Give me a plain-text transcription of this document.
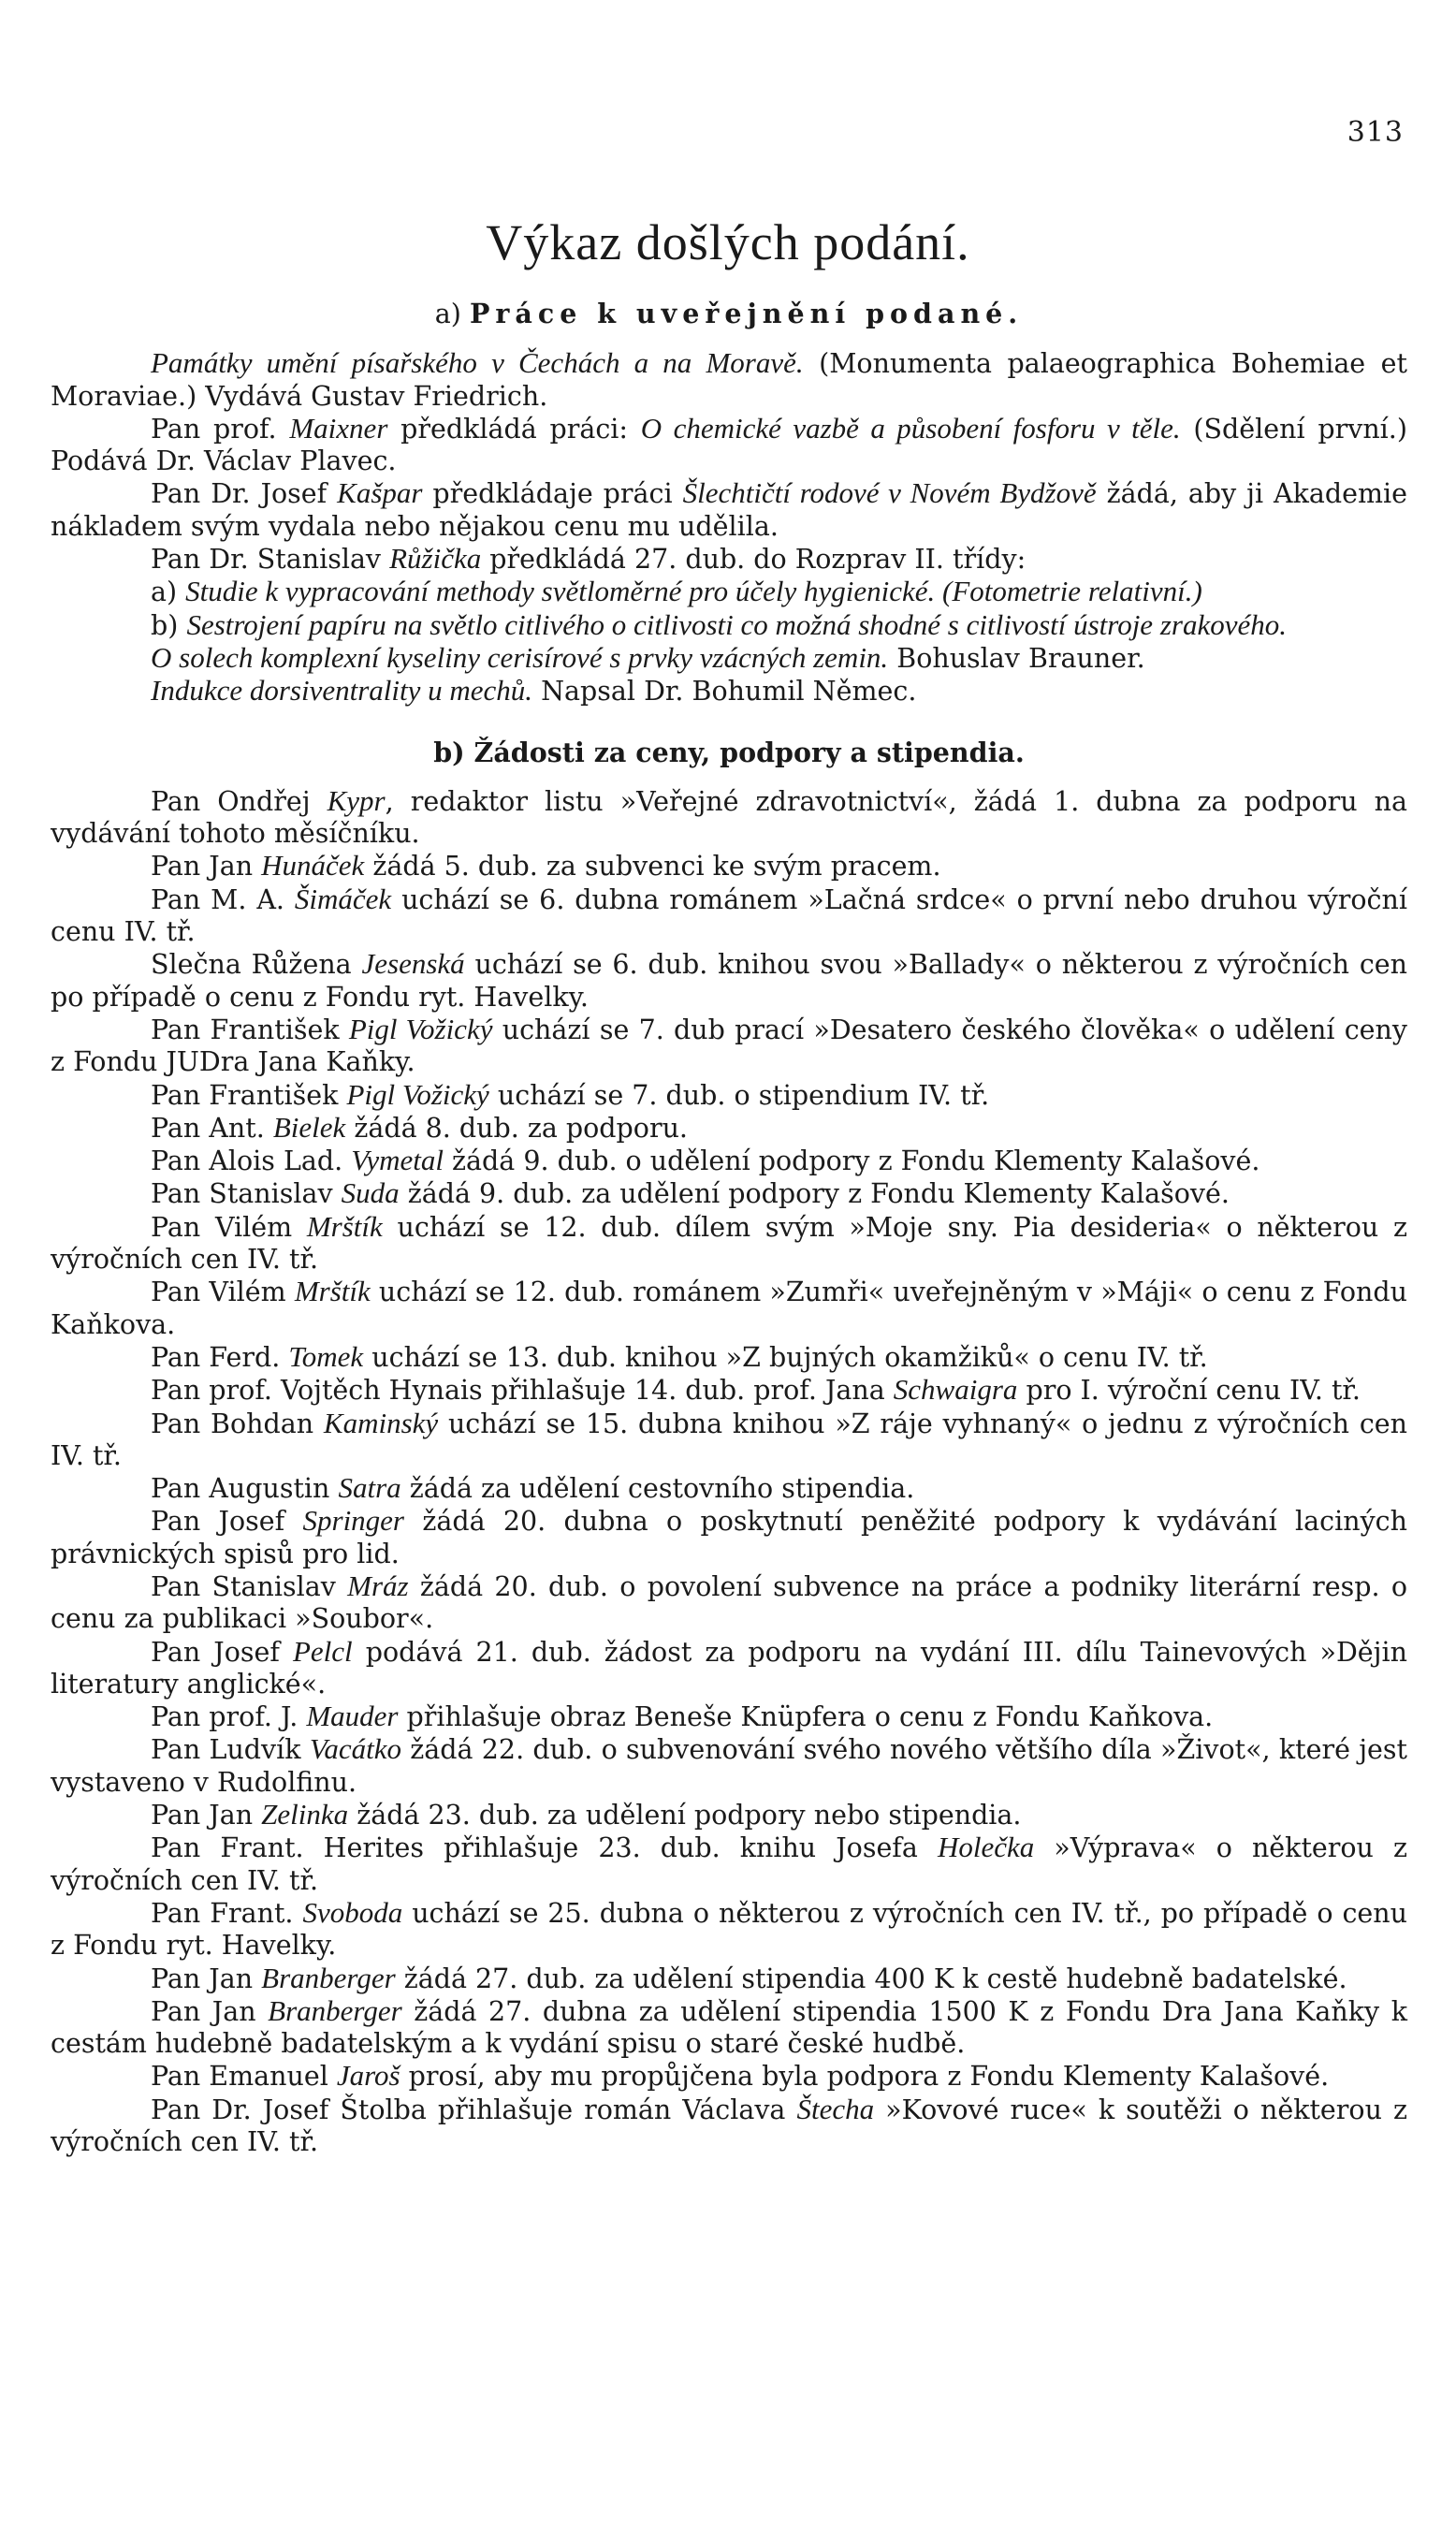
313
Výkaz došlých podání.

a) Práce k uveřejnění podané.

Památky umění písařského v Čechách a na Moravě. (Monumenta palaeographica Bohemiae et Moraviae.) Vydává Gustav Friedrich.

Pan prof. Maixner předkládá práci: O chemické vazbě a působení fosforu v těle. (Sdělení první.) Podává Dr. Václav Plavec.

Pan Dr. Josef Kašpar předkládaje práci Šlechtičtí rodové v Novém Bydžově žádá, aby ji Akademie nákladem svým vydala nebo nějakou cenu mu udělila.

Pan Dr. Stanislav Růžička předkládá 27. dub. do Rozprav II. třídy:

a) Studie k vypracování methody světloměrné pro účely hygienické. (Fotometrie relativní.)

b) Sestrojení papíru na světlo citlivého o citlivosti co možná shodné s citlivostí ústroje zrakového.

O solech komplexní kyseliny cerisírové s prvky vzácných zemin. Bohuslav Brauner.

Indukce dorsiventrality u mechů. Napsal Dr. Bohumil Němec.

b) Žádosti za ceny, podpory a stipendia.

Pan Ondřej Kypr, redaktor listu »Veřejné zdravotnictví«, žádá 1. dubna za podporu na vydávání tohoto měsíčníku.

Pan Jan Hunáček žádá 5. dub. za subvenci ke svým pracem.

Pan M. A. Šimáček uchází se 6. dubna románem »Lačná srdce« o první nebo druhou výroční cenu IV. tř.

Slečna Růžena Jesenská uchází se 6. dub. knihou svou »Ballady« o některou z výročních cen po případě o cenu z Fondu ryt. Havelky.

Pan František Pigl Vožický uchází se 7. dub prací »Desatero českého člověka« o udělení ceny z Fondu JUDra Jana Kaňky.

Pan František Pigl Vožický uchází se 7. dub. o stipendium IV. tř.

Pan Ant. Bielek žádá 8. dub. za podporu.

Pan Alois Lad. Vymetal žádá 9. dub. o udělení podpory z Fondu Klementy Kalašové.

Pan Stanislav Suda žádá 9. dub. za udělení podpory z Fondu Klementy Kalašové.

Pan Vilém Mrštík uchází se 12. dub. dílem svým »Moje sny. Pia desideria« o některou z výročních cen IV. tř.

Pan Vilém Mrštík uchází se 12. dub. románem »Zumři« uveřejněným v »Máji« o cenu z Fondu Kaňkova.

Pan Ferd. Tomek uchází se 13. dub. knihou »Z bujných okamžiků« o cenu IV. tř.

Pan prof. Vojtěch Hynais přihlašuje 14. dub. prof. Jana Schwaigra pro I. výroční cenu IV. tř.

Pan Bohdan Kaminský uchází se 15. dubna knihou »Z ráje vyhnaný« o jednu z výročních cen IV. tř.

Pan Augustin Satra žádá za udělení cestovního stipendia.

Pan Josef Springer žádá 20. dubna o poskytnutí peněžité podpory k vydávání laciných právnických spisů pro lid.

Pan Stanislav Mráz žádá 20. dub. o povolení subvence na práce a podniky literární resp. o cenu za publikaci »Soubor«.

Pan Josef Pelcl podává 21. dub. žádost za podporu na vydání III. dílu Tainevových »Dějin literatury anglické«.

Pan prof. J. Mauder přihlašuje obraz Beneše Knüpfera o cenu z Fondu Kaňkova.

Pan Ludvík Vacátko žádá 22. dub. o subvenování svého nového většího díla »Život«, které jest vystaveno v Rudolfinu.

Pan Jan Zelinka žádá 23. dub. za udělení podpory nebo stipendia.

Pan Frant. Herites přihlašuje 23. dub. knihu Josefa Holečka »Výprava« o některou z výročních cen IV. tř.

Pan Frant. Svoboda uchází se 25. dubna o některou z výročních cen IV. tř., po případě o cenu z Fondu ryt. Havelky.

Pan Jan Branberger žádá 27. dub. za udělení stipendia 400 K k cestě hudebně badatelské.

Pan Jan Branberger žádá 27. dubna za udělení stipendia 1500 K z Fondu Dra Jana Kaňky k cestám hudebně badatelským a k vydání spisu o staré české hudbě.

Pan Emanuel Jaroš prosí, aby mu propůjčena byla podpora z Fondu Klementy Kalašové.

Pan Dr. Josef Štolba přihlašuje román Václava Štecha »Kovové ruce« k soutěži o některou z výročních cen IV. tř.
